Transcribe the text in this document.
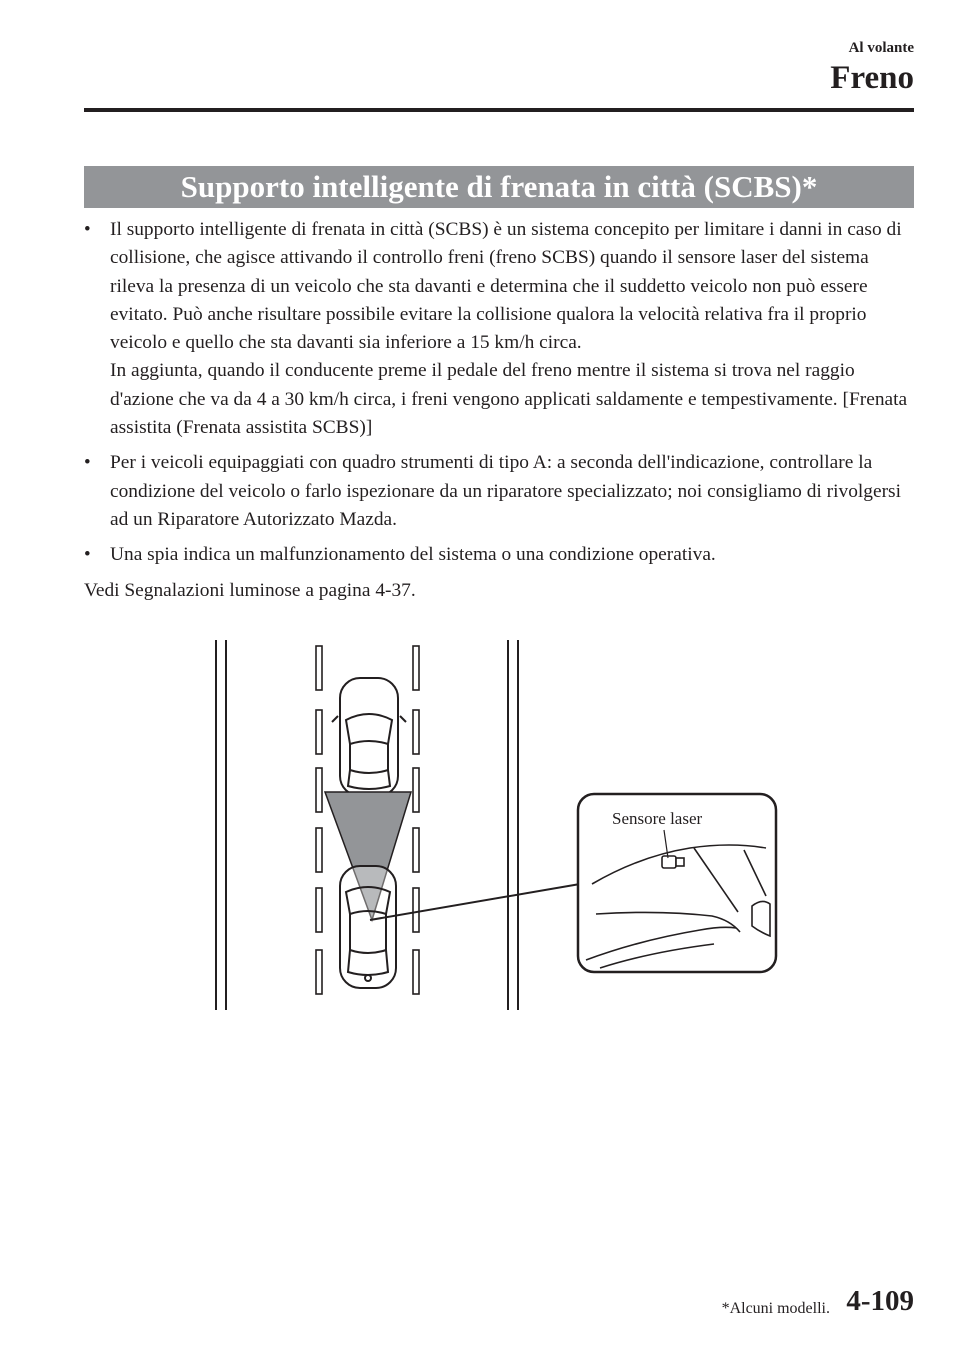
Al volante
Freno
Supporto intelligente di frenata in città (SCBS)*
• Il supporto intelligente di frenata in città (SCBS) è un sistema concepito per limitare i danni in caso di collisione, che agisce attivando il controllo freni (freno SCBS) quando il sensore laser del sistema rileva la presenza di un veicolo che sta davanti e determina che il suddetto veicolo non può essere evitato. Può anche risultare possibile evitare la collisione qualora la velocità relativa fra il proprio veicolo e quello che sta davanti sia inferiore a 15 km/h circa.

In aggiunta, quando il conducente preme il pedale del freno mentre il sistema si trova nel raggio d'azione che va da 4 a 30 km/h circa, i freni vengono applicati saldamente e tempestivamente. [Frenata assistita (Frenata assistita SCBS)]

• Per i veicoli equipaggiati con quadro strumenti di tipo A: a seconda dell'indicazione, controllare la condizione del veicolo o farlo ispezionare da un riparatore specializzato; noi consigliamo di rivolgersi ad un Riparatore Autorizzato Mazda.

• Una spia indica un malfunzionamento del sistema o una condizione operativa.

Vedi Segnalazioni luminose a pagina 4-37.

Sensore laser
*Alcuni modelli. 4-109
